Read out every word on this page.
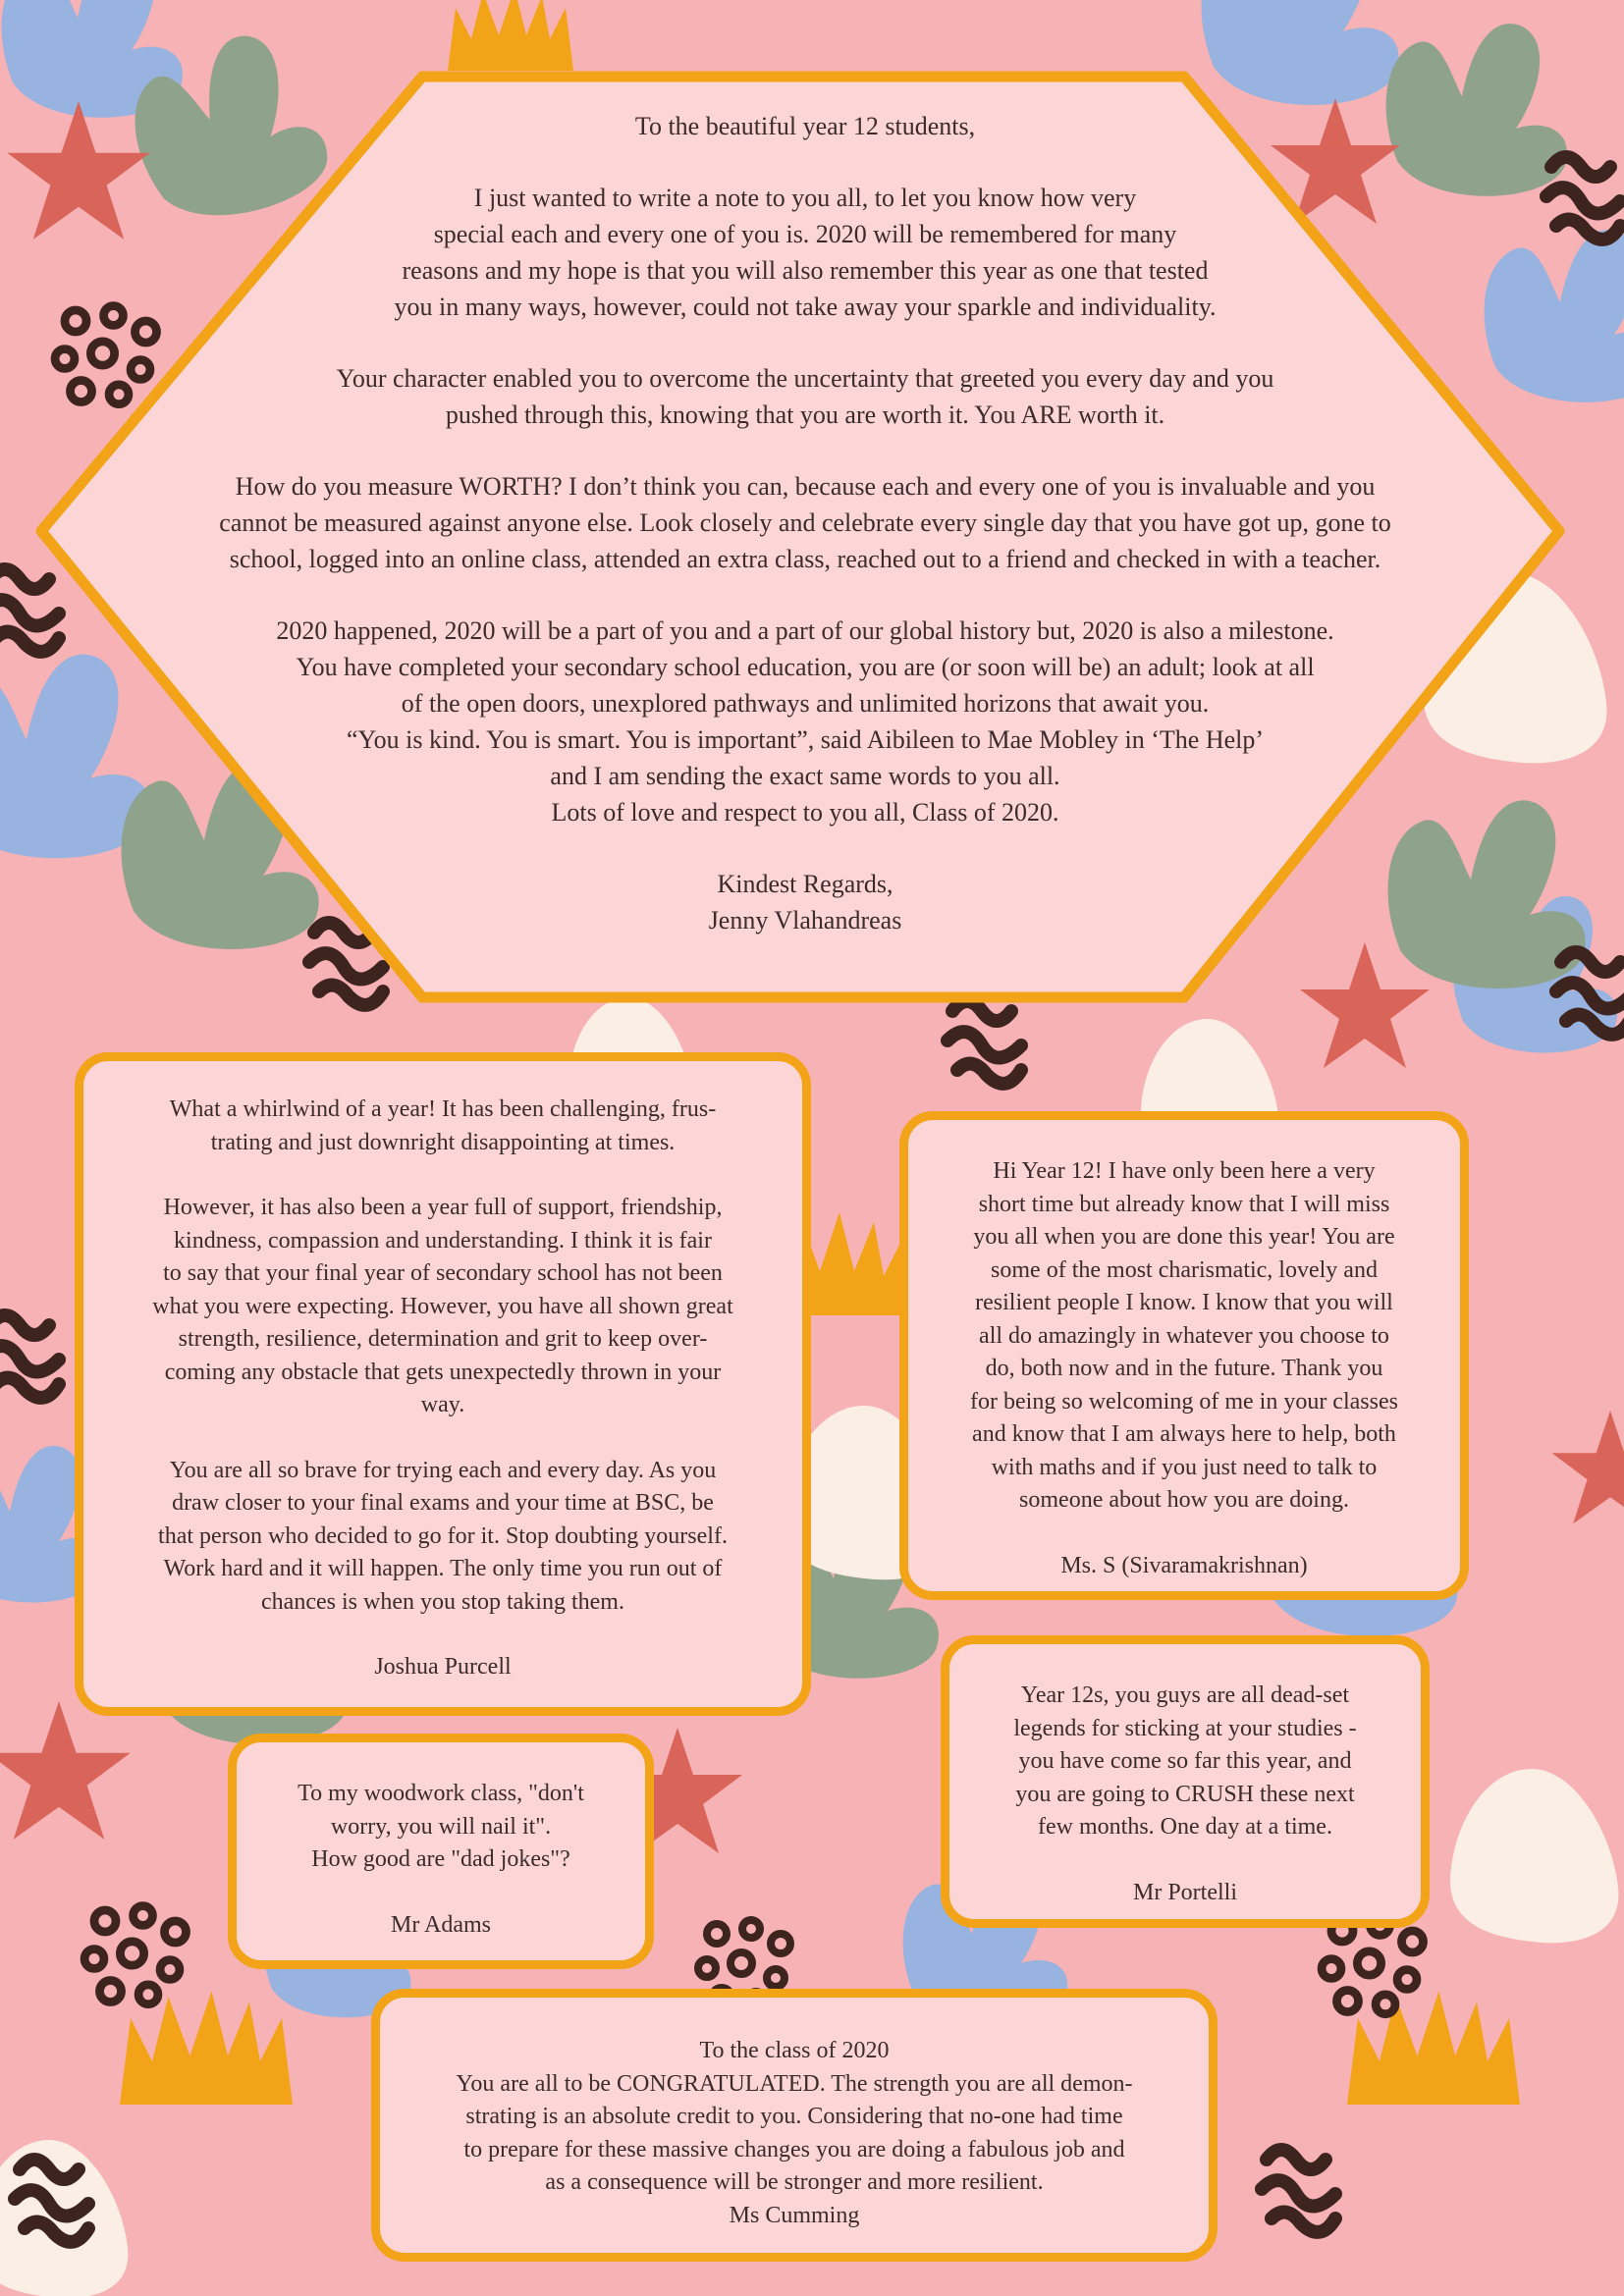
To the beautiful year 12 students,

I just wanted to write a note to you all, to let you know how very
special each and every one of you is. 2020 will be remembered for many
reasons and my hope is that you will also remember this year as one that tested
you in many ways, however, could not take away your sparkle and individuality.

Your character enabled you to overcome the uncertainty that greeted you every day and you
pushed through this, knowing that you are worth it. You ARE worth it.

How do you measure WORTH? I don’t think you can, because each and every one of you is invaluable and you
cannot be measured against anyone else. Look closely and celebrate every single day that you have got up, gone to
school, logged into an online class, attended an extra class, reached out to a friend and checked in with a teacher.

2020 happened, 2020 will be a part of you and a part of our global history but, 2020 is also a milestone.
You have completed your secondary school education, you are (or soon will be) an adult; look at all
of the open doors, unexplored pathways and unlimited horizons that await you.
“You is kind. You is smart. You is important”, said Aibileen to Mae Mobley in ‘The Help’
and I am sending the exact same words to you all.
Lots of love and respect to you all, Class of 2020.

Kindest Regards,
Jenny Vlahandreas

What a whirlwind of a year! It has been challenging, frus-
trating and just downright disappointing at times.

However, it has also been a year full of support, friendship,
kindness, compassion and understanding. I think it is fair
to say that your final year of secondary school has not been
what you were expecting. However, you have all shown great
strength, resilience, determination and grit to keep over-
coming any obstacle that gets unexpectedly thrown in your
way.

You are all so brave for trying each and every day. As you
draw closer to your final exams and your time at BSC, be
that person who decided to go for it. Stop doubting yourself.
Work hard and it will happen. The only time you run out of
chances is when you stop taking them.

Joshua Purcell

Hi Year 12! I have only been here a very
short time but already know that I will miss
you all when you are done this year! You are
some of the most charismatic, lovely and
resilient people I know. I know that you will
all do amazingly in whatever you choose to
do, both now and in the future. Thank you
for being so welcoming of me in your classes
and know that I am always here to help, both
with maths and if you just need to talk to
someone about how you are doing.

Ms. S (Sivaramakrishnan)

Year 12s, you guys are all dead-set
legends for sticking at your studies -
you have come so far this year, and
you are going to CRUSH these next
few months. One day at a time.

Mr Portelli

To my woodwork class, "don't
worry, you will nail it".
How good are "dad jokes"?

Mr Adams

To the class of 2020
You are all to be CONGRATULATED. The strength you are all demon-
strating is an absolute credit to you. Considering that no-one had time
to prepare for these massive changes you are doing a fabulous job and
as a consequence will be stronger and more resilient.
Ms Cumming
